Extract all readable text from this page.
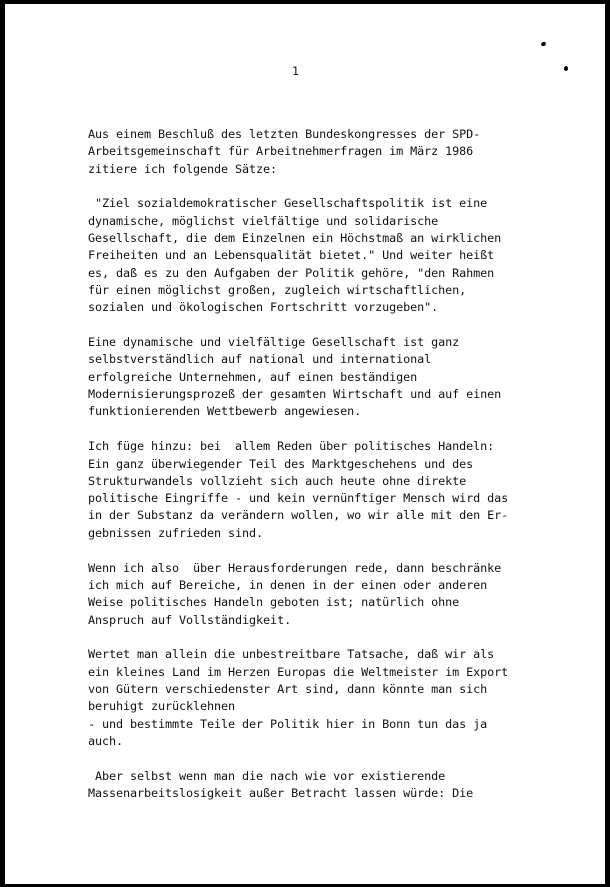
1
Aus einem Beschluß des letzten Bundeskongresses der SPD-
Arbeitsgemeinschaft für Arbeitnehmerfragen im März 1986
zitiere ich folgende Sätze:
"Ziel sozialdemokratischer Gesellschaftspolitik ist eine
dynamische, möglichst vielfältige und solidarische
Gesellschaft, die dem Einzelnen ein Höchstmaß an wirklichen
Freiheiten und an Lebensqualität bietet." Und weiter heißt
es, daß es zu den Aufgaben der Politik gehöre, "den Rahmen
für einen möglichst großen, zugleich wirtschaftlichen,
sozialen und ökologischen Fortschritt vorzugeben".
Eine dynamische und vielfältige Gesellschaft ist ganz
selbstverständlich auf national und international
erfolgreiche Unternehmen, auf einen beständigen
Modernisierungsprozeß der gesamten Wirtschaft und auf einen
funktionierenden Wettbewerb angewiesen.
Ich füge hinzu: bei  allem Reden über politisches Handeln:
Ein ganz überwiegender Teil des Marktgeschehens und des
Strukturwandels vollzieht sich auch heute ohne direkte
politische Eingriffe - und kein vernünftiger Mensch wird das
in der Substanz da verändern wollen, wo wir alle mit den Er-
gebnissen zufrieden sind.
Wenn ich also  über Herausforderungen rede, dann beschränke
ich mich auf Bereiche, in denen in der einen oder anderen
Weise politisches Handeln geboten ist; natürlich ohne
Anspruch auf Vollständigkeit.
Wertet man allein die unbestreitbare Tatsache, daß wir als
ein kleines Land im Herzen Europas die Weltmeister im Export
von Gütern verschiedenster Art sind, dann könnte man sich
beruhigt zurücklehnen
- und bestimmte Teile der Politik hier in Bonn tun das ja
auch.
Aber selbst wenn man die nach wie vor existierende
Massenarbeitslosigkeit außer Betracht lassen würde: Die
